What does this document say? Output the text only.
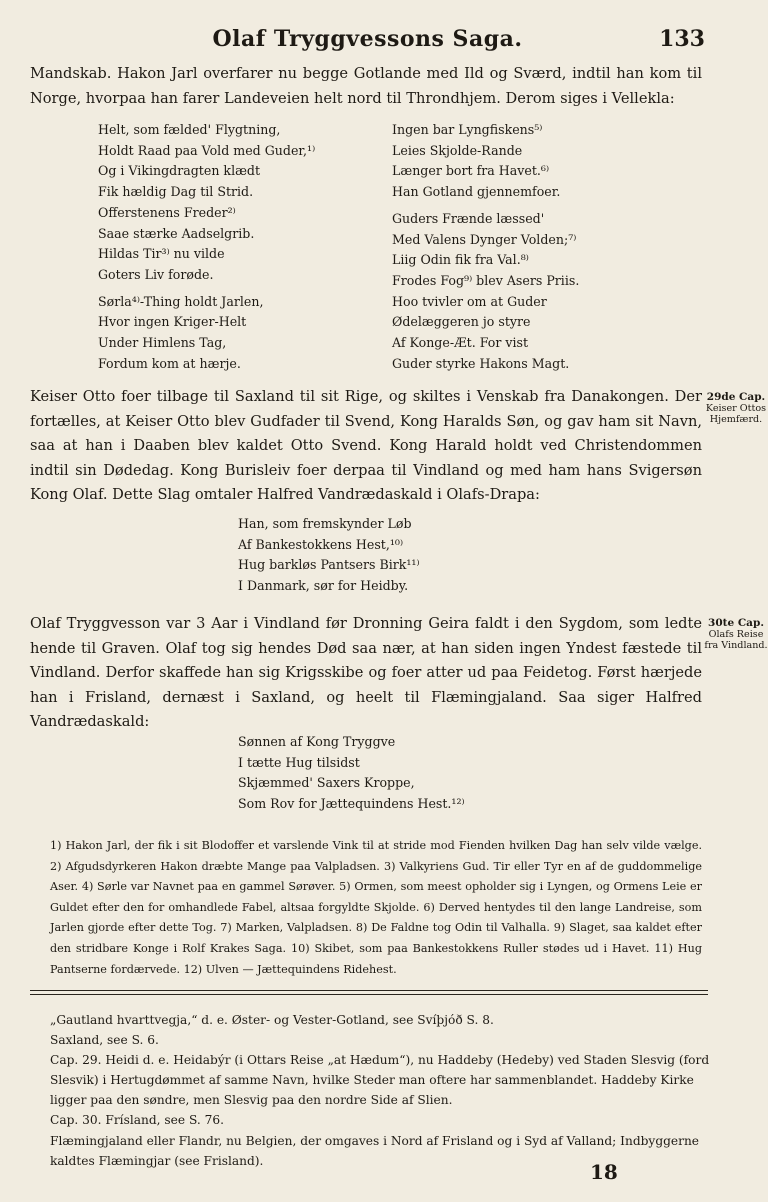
Olaf Tryggvessons Saga.	133

Mandskab. Hakon Jarl overfarer nu begge Gotlande med Ild og Sværd, indtil han kom til Norge, hvorpaa han farer Landeveien helt nord til Throndhjem. Derom siges i Vellekla:

Helt, som fælded' Flygtning,
Holdt Raad paa Vold med Guder,¹⁾
Og i Vikingdragten klædt
Fik hældig Dag til Strid.
Offerstenens Freder²⁾
Saae stærke Aadselgrib.
Hildas Tir³⁾ nu vilde
Goters Liv forøde.
Sørla⁴⁾-Thing holdt Jarlen,
Hvor ingen Kriger-Helt
Under Himlens Tag,
Fordum kom at hærje.
Ingen bar Lyngfiskens⁵⁾
Leies Skjolde-Rande
Længer bort fra Havet.⁶⁾
Han Gotland gjennemfoer.
Guders Frænde læssed'
Med Valens Dynger Volden;⁷⁾
Liig Odin fik fra Val.⁸⁾
Frodes Fog⁹⁾ blev Asers Priis.
Hoo tvivler om at Guder
Ødelæggeren jo styre
Af Konge-Æt. For vist
Guder styrke Hakons Magt.

Keiser Otto foer tilbage til Saxland til sit Rige, og skiltes i Venskab fra Danakongen. Der fortælles, at Keiser Otto blev Gudfader til Svend, Kong Haralds Søn, og gav ham sit Navn, saa at han i Daaben blev kaldet Otto Svend. Kong Harald holdt ved Christendommen indtil sin Dødedag. Kong Burisleiv foer derpaa til Vindland og med ham hans Svigersøn Kong Olaf. Dette Slag omtaler Halfred Vandrædaskald i Olafs-Drapa:

29de Cap.
Keiser Ottos Hjemfærd.
Han, som fremskynder Løb
Af Bankestokkens Hest,¹⁰⁾
Hug barkløs Pantsers Birk¹¹⁾
I Danmark, sør for Heidby.

Olaf Tryggvesson var 3 Aar i Vindland før Dronning Geira faldt i den Sygdom, som ledte hende til Graven. Olaf tog sig hendes Død saa nær, at han siden ingen Yndest fæstede til Vindland. Derfor skaffede han sig Krigsskibe og foer atter ud paa Feidetog. Først hærjede han i Frisland, dernæst i Saxland, og heelt til Flæmingjaland. Saa siger Halfred Vandrædaskald:

30te Cap.
Olafs Reise fra Vindland.
Sønnen af Kong Tryggve
I tætte Hug tilsidst
Skjæmmed' Saxers Kroppe,
Som Rov for Jættequindens Hest.¹²⁾

1) Hakon Jarl, der fik i sit Blodoffer et varslende Vink til at stride mod Fienden hvilken Dag han selv vilde vælge. 2) Afgudsdyrkeren Hakon dræbte Mange paa Valpladsen. 3) Valkyriens Gud. Tir eller Tyr en af de guddommelige Aser. 4) Sørle var Navnet paa en gammel Sørøver. 5) Ormen, som meest opholder sig i Lyngen, og Ormens Leie er Guldet efter den for omhandlede Fabel, altsaa forgyldte Skjolde. 6) Derved hentydes til den lange Landreise, som Jarlen gjorde efter dette Tog. 7) Marken, Valpladsen. 8) De Faldne tog Odin til Valhalla. 9) Slaget, saa kaldet efter den stridbare Konge i Rolf Krakes Saga. 10) Skibet, som paa Bankestokkens Ruller stødes ud i Havet. 11) Hug Pantserne fordærvede. 12) Ulven — Jættequindens Ridehest.

„Gautland hvarttvegja,“ d. e. Øster- og Vester-Gotland, see Svíþjóð S. 8.
Saxland, see S. 6.
Cap. 29. Heidi d. e. Heidabýr (i Ottars Reise „at Hædum“), nu Haddeby (Hedeby) ved Staden Slesvig (ford Slesvik) i Hertugdømmet af samme Navn, hvilke Steder man oftere har sammenblandet. Haddeby Kirke ligger paa den søndre, men Slesvig paa den nordre Side af Slien.
Cap. 30. Frísland, see S. 76.
Flæmingjaland eller Flandr, nu Belgien, der omgaves i Nord af Frisland og i Syd af Valland; Indbyggerne kaldtes Flæmingjar (see Frisland).	18
